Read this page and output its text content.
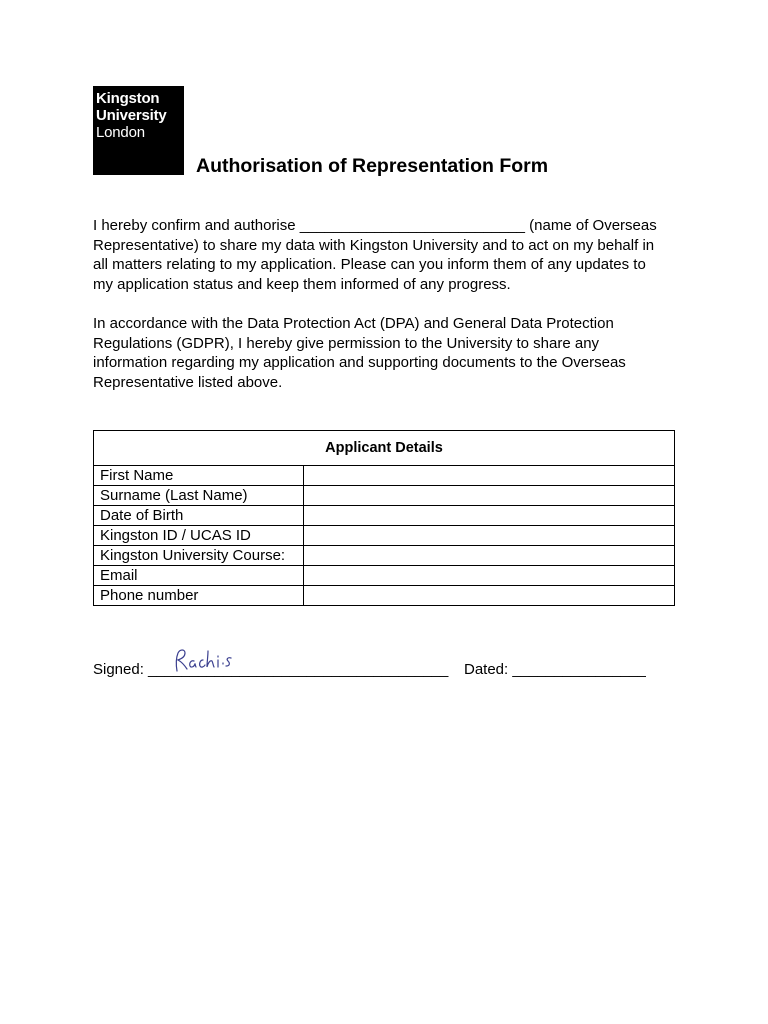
Kingston
University
London
Authorisation of Representation Form

I hereby confirm and authorise ___________________________ (name of Overseas
Representative) to share my data with Kingston University and to act on my behalf in
all matters relating to my application. Please can you inform them of any updates to
my application status and keep them informed of any progress.

In accordance with the Data Protection Act (DPA) and General Data Protection
Regulations (GDPR), I hereby give permission to the University to share any
information regarding my application and supporting documents to the Overseas
Representative listed above.

Applicant Details	
First Name	
Surname (Last Name)	
Date of Birth	
Kingston ID / UCAS ID	
Kingston University Course:	
Email	
Phone number	
Signed: ____________________________________ Dated: ________________
